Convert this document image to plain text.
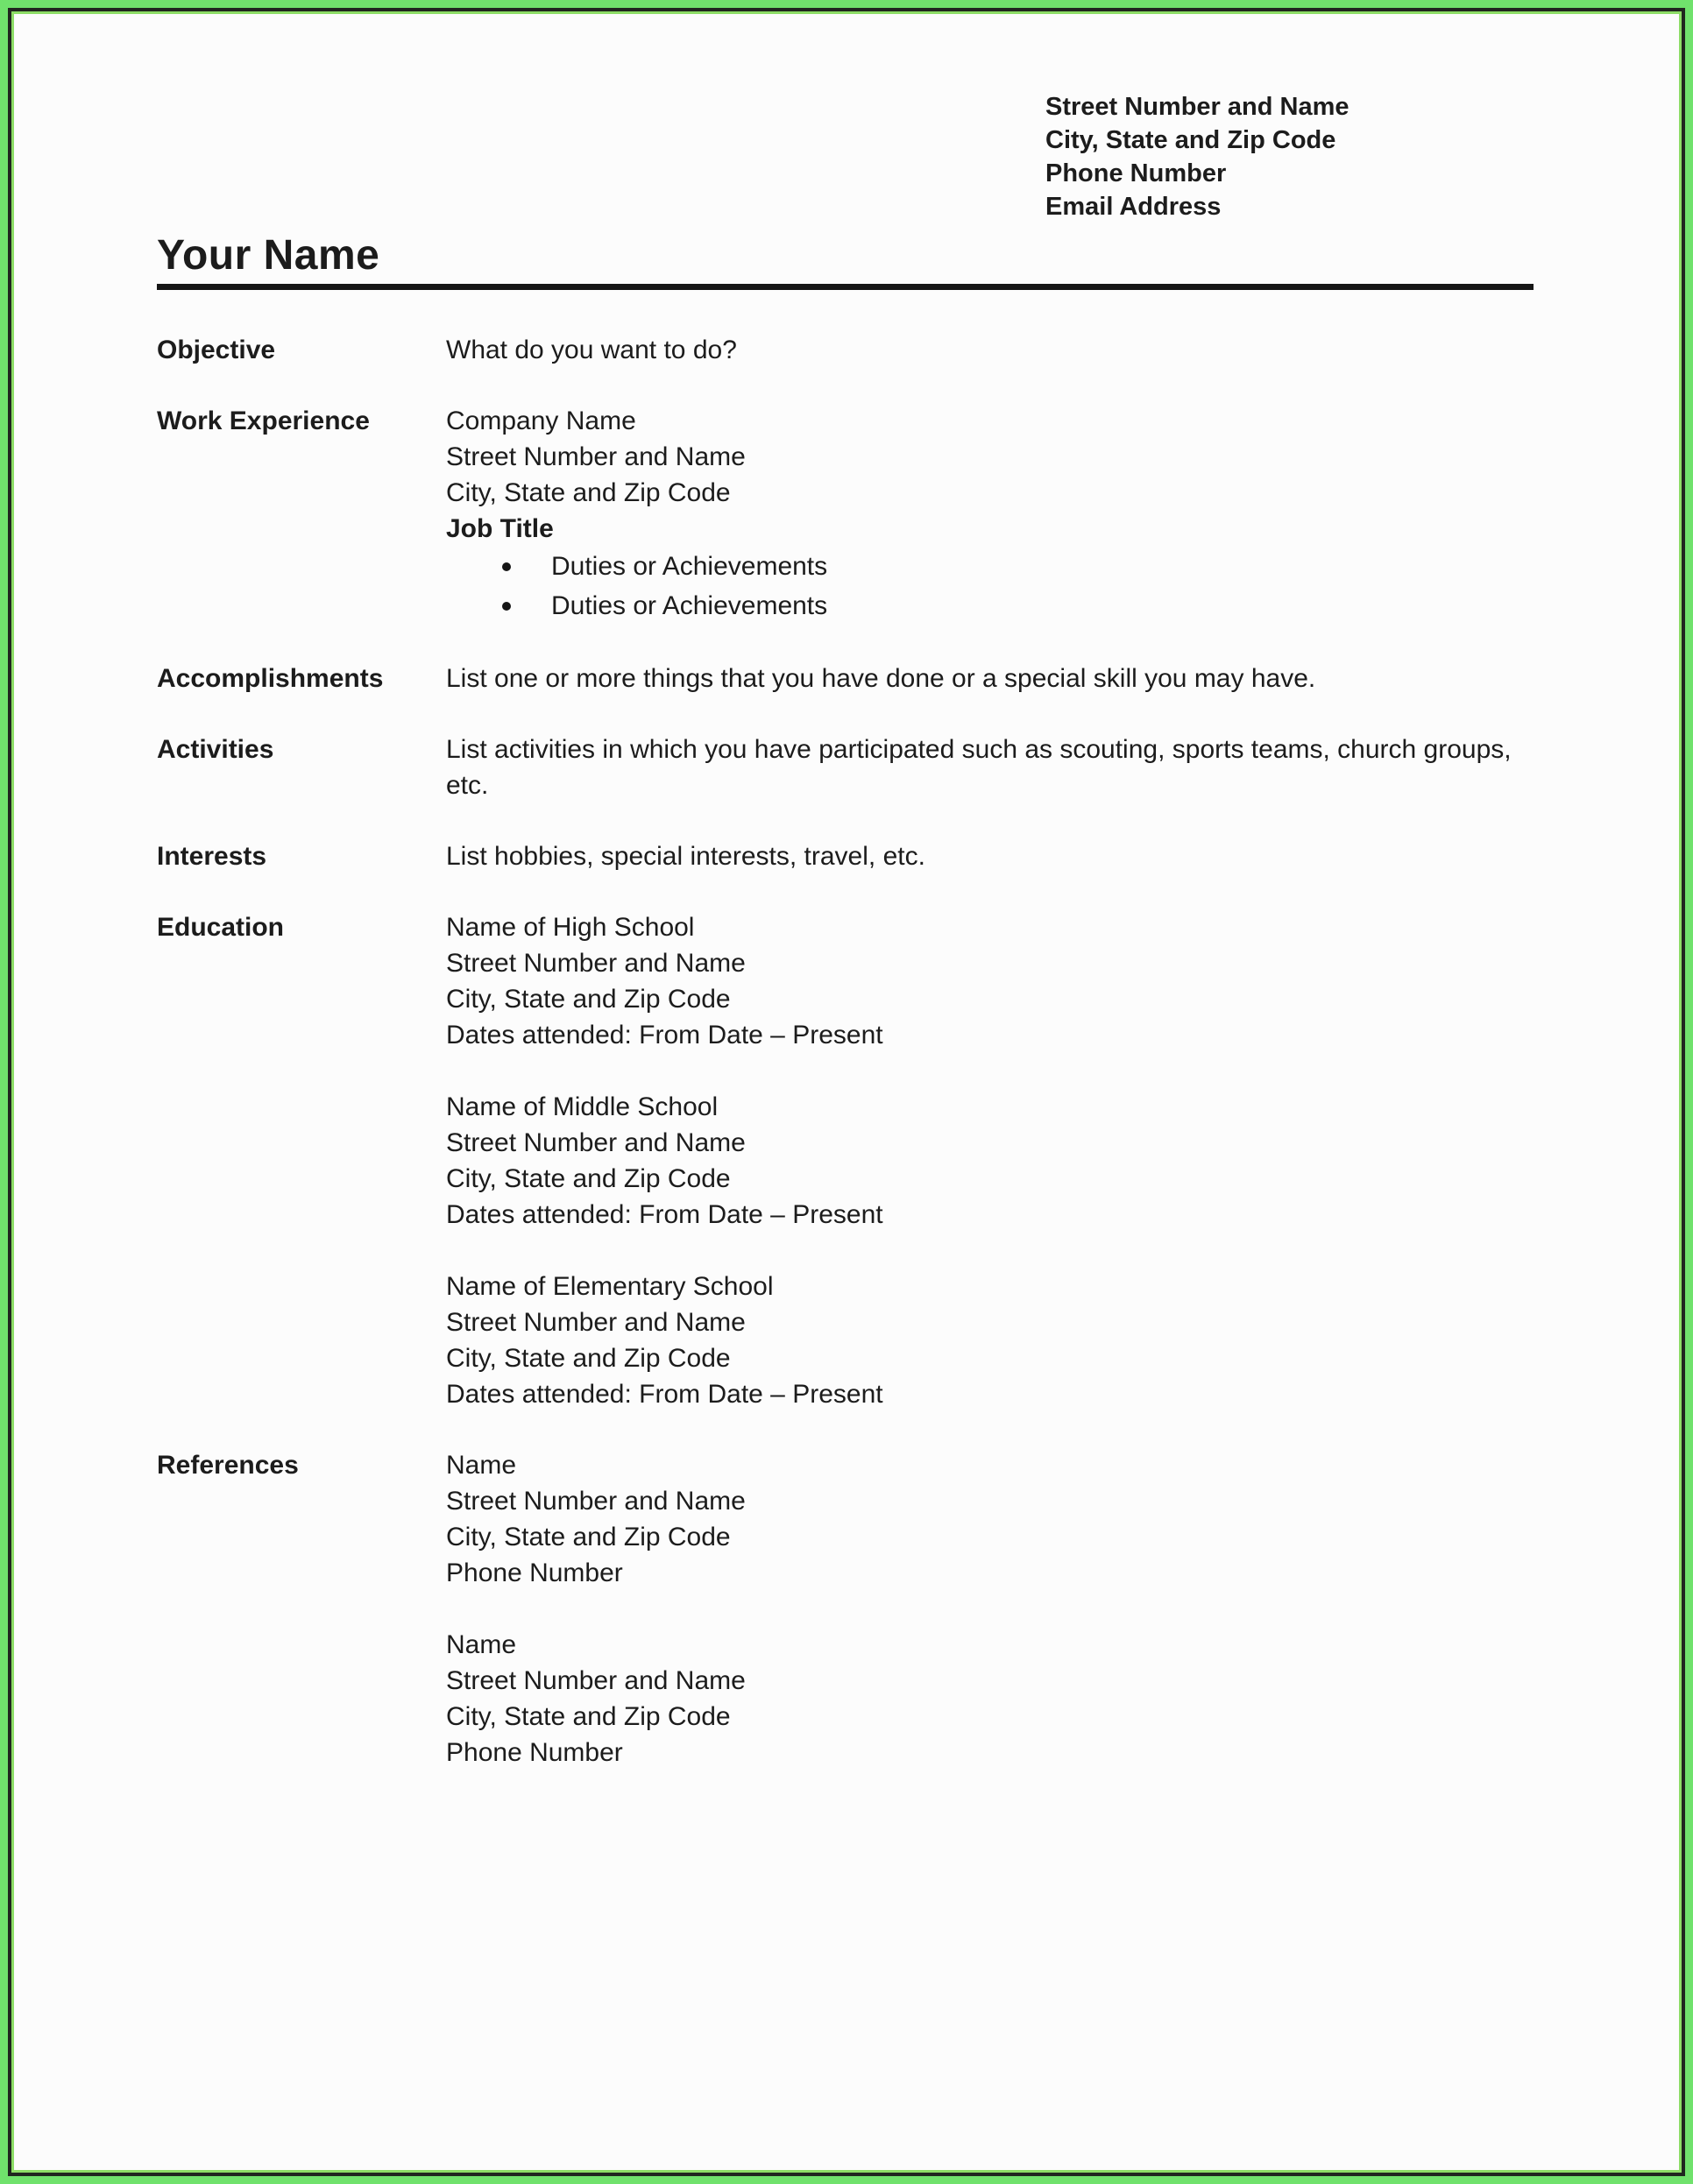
Street Number and Name
City, State and Zip Code
Phone Number
Email Address
Your Name
Objective	What do you want to do?

Work Experience	Company Name

Street Number and Name

City, State and Zip Code

Job Title

Duties or Achievements
Duties or Achievements
Accomplishments	List one or more things that you have done or a special skill you may have.

Activities	List activities in which you have participated such as scouting, sports teams, church groups, etc.

Interests	List hobbies, special interests, travel, etc.

Education	Name of High School

Street Number and Name

City, State and Zip Code

Dates attended: From Date – Present

Name of Middle School

Street Number and Name

City, State and Zip Code

Dates attended: From Date – Present

Name of Elementary School

Street Number and Name

City, State and Zip Code

Dates attended: From Date – Present

References	Name

Street Number and Name

City, State and Zip Code

Phone Number

Name

Street Number and Name

City, State and Zip Code

Phone Number
